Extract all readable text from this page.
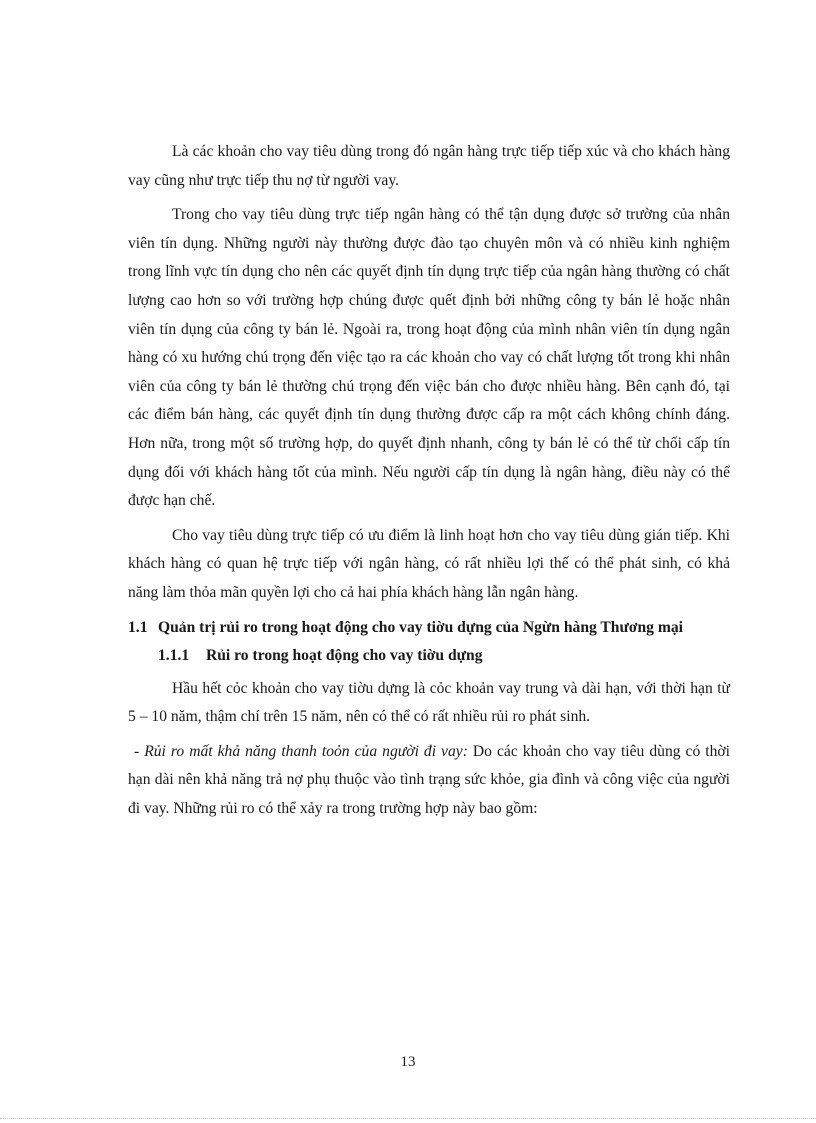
Là các khoản cho vay tiêu dùng trong đó ngân hàng trực tiếp tiếp xúc và cho khách hàng vay cũng như trực tiếp thu nợ từ người vay.

Trong cho vay tiêu dùng trực tiếp ngân hàng có thể tận dụng được sở trường của nhân viên tín dụng. Những người này thường được đào tạo chuyên môn và có nhiều kinh nghiệm trong lĩnh vực tín dụng cho nên các quyết định tín dụng trực tiếp của ngân hàng thường có chất lượng cao hơn so với trường hợp chúng được quết định bởi những công ty bán lẻ hoặc nhân viên tín dụng của công ty bán lẻ. Ngoài ra, trong hoạt động của mình nhân viên tín dụng ngân hàng có xu hướng chú trọng đến việc tạo ra các khoản cho vay có chất lượng tốt trong khi nhân viên của công ty bán lẻ thường chú trọng đến việc bán cho được nhiều hàng. Bên cạnh đó, tại các điểm bán hàng, các quyết định tín dụng thường được cấp ra một cách không chính đáng. Hơn nữa, trong một số trường hợp, do quyết định nhanh, công ty bán lẻ có thể từ chối cấp tín dụng đối với khách hàng tốt của mình. Nếu người cấp tín dụng là ngân hàng, điều này có thể được hạn chế.

Cho vay tiêu dùng trực tiếp có ưu điểm là linh hoạt hơn cho vay tiêu dùng gián tiếp. Khi khách hàng có quan hệ trực tiếp với ngân hàng, có rất nhiều lợi thế có thể phát sinh, có khả năng làm thỏa mãn quyền lợi cho cả hai phía khách hàng lẫn ngân hàng.

1.1 Quản trị rủi ro trong hoạt động cho vay tiờu dựng của Ngừn hàng Thương mại
1.1.1	Rủi ro trong hoạt động cho vay tiờu dựng

Hầu hết cỏc khoản cho vay tiờu dựng là cỏc khoản vay trung và dài hạn, với thời hạn từ 5 – 10 năm, thậm chí trên 15 năm, nên có thể có rất nhiều rủi ro phát sinh.

- Rủi ro mất khả năng thanh toỏn của người đi vay: Do các khoản cho vay tiêu dùng có thời hạn dài nên khả năng trả nợ phụ thuộc vào tình trạng sức khỏe, gia đình và công việc của người đi vay. Những rủi ro có thể xảy ra trong trường hợp này bao gồm:

13
